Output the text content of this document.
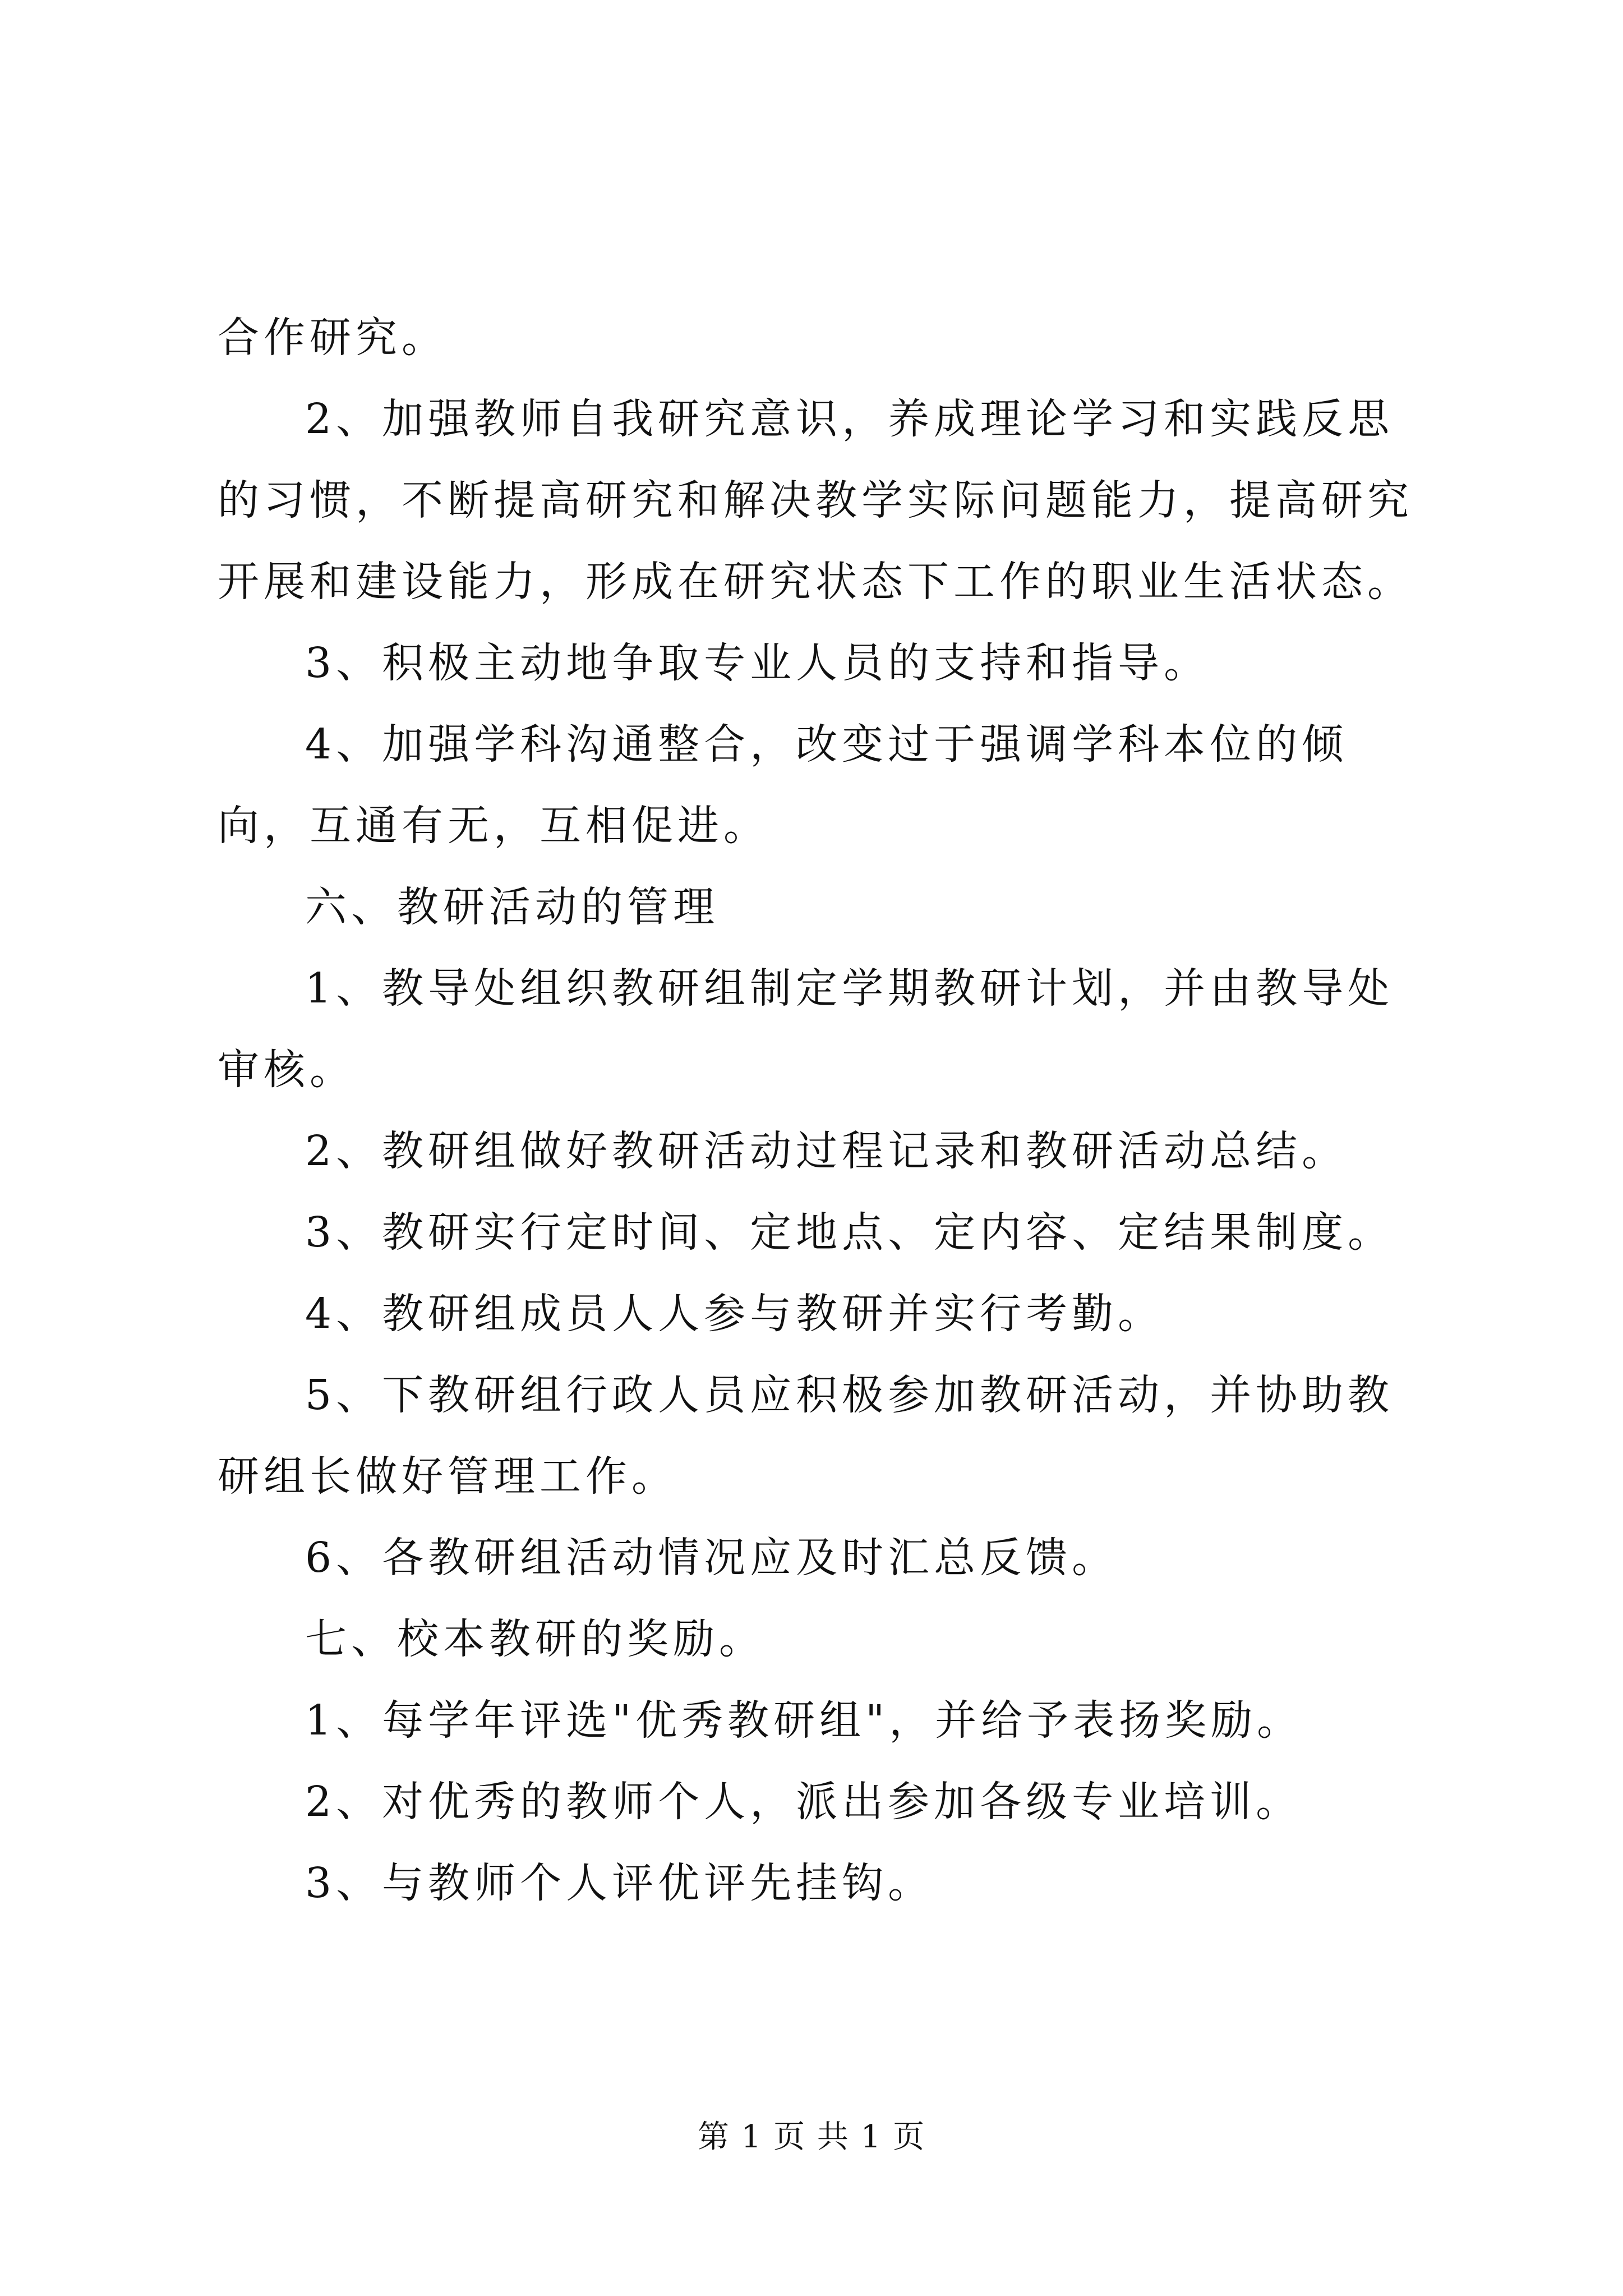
合作研究。

2、加强教师自我研究意识，养成理论学习和实践反思的习惯，不断提高研究和解决教学实际问题能力，提高研究开展和建设能力，形成在研究状态下工作的职业生活状态。

3、积极主动地争取专业人员的支持和指导。

4、加强学科沟通整合，改变过于强调学科本位的倾向，互通有无，互相促进。

六、教研活动的管理

1、教导处组织教研组制定学期教研计划，并由教导处审核。

2、教研组做好教研活动过程记录和教研活动总结。

3、教研实行定时间、定地点、定内容、定结果制度。

4、教研组成员人人参与教研并实行考勤。

5、下教研组行政人员应积极参加教研活动，并协助教研组长做好管理工作。

6、各教研组活动情况应及时汇总反馈。

七、校本教研的奖励。

1、每学年评选"优秀教研组"，并给予表扬奖励。

2、对优秀的教师个人，派出参加各级专业培训。

3、与教师个人评优评先挂钩。

第 1 页 共 1 页
